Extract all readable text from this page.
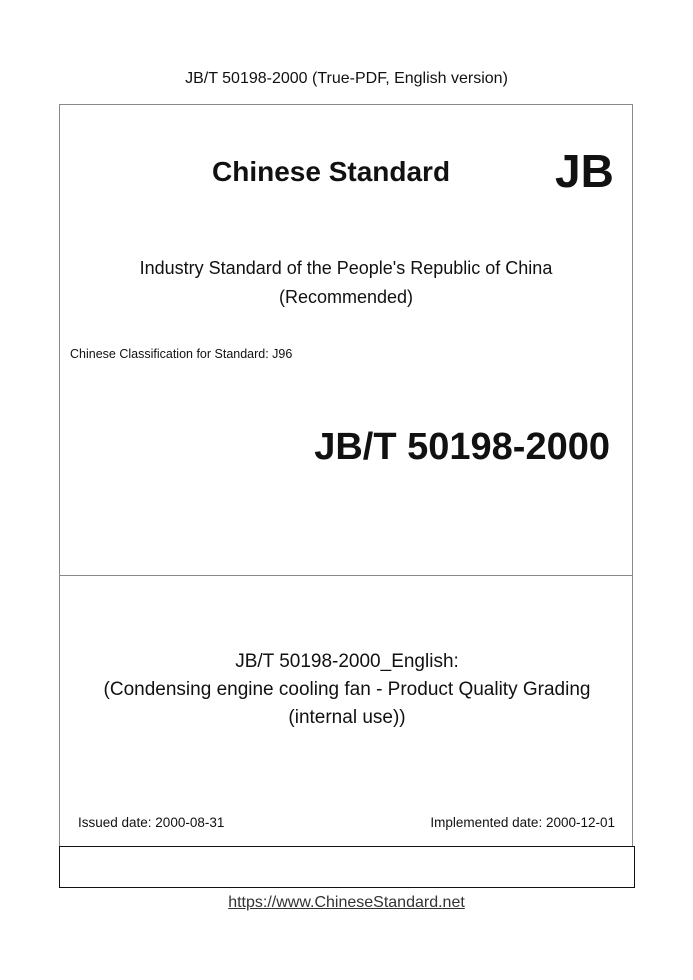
JB/T 50198-2000 (True-PDF, English version)
Chinese Standard JB
Industry Standard of the People's Republic of China
(Recommended)
Chinese Classification for Standard: J96
JB/T 50198-2000
JB/T 50198-2000_English:
(Condensing engine cooling fan - Product Quality Grading
(internal use))
Issued date: 2000-08-31	Implemented date: 2000-12-01
https://www.ChineseStandard.net
